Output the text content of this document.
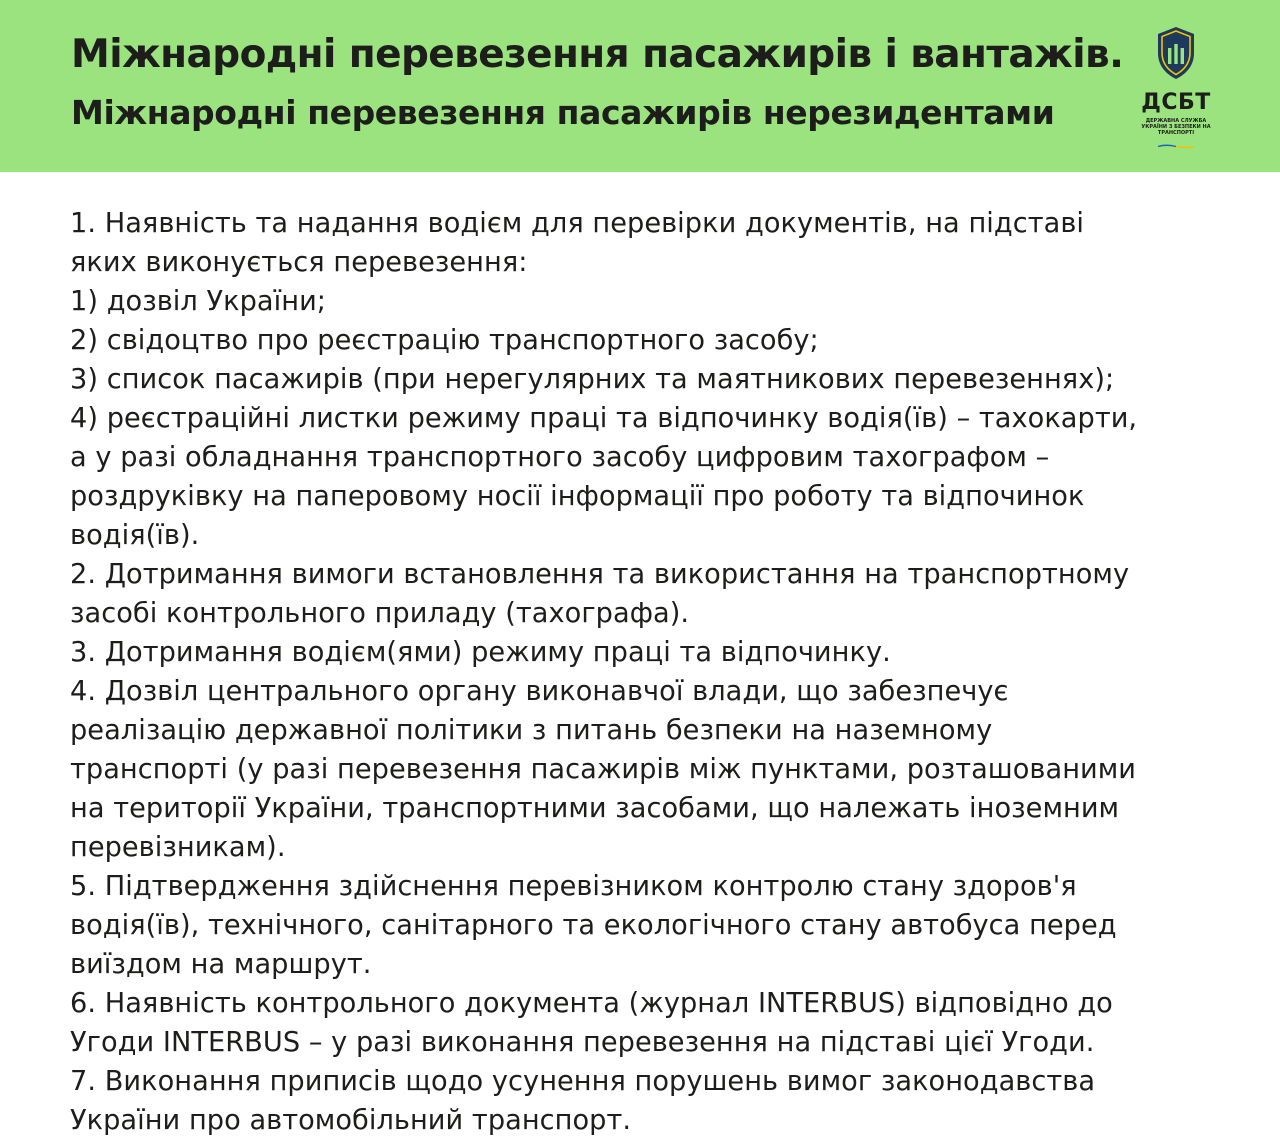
Міжнародні перевезення пасажирів і вантажів.
Міжнародні перевезення пасажирів нерезидентами	ДСБТ
ДЕРЖАВНА СЛУЖБА УКРАЇНИ З БЕЗПЕКИ НА ТРАНСПОРТІ
1. Наявність та надання водієм для перевірки документів, на підставі
яких виконується перевезення:
1) дозвіл України;
2) свідоцтво про реєстрацію транспортного засобу;
3) список пасажирів (при нерегулярних та маятникових перевезеннях);
4) реєстраційні листки режиму праці та відпочинку водія(їв) – тахокарти,
а у разі обладнання транспортного засобу цифровим тахографом –
роздруківку на паперовому носії інформації про роботу та відпочинок
водія(їв).
2. Дотримання вимоги встановлення та використання на транспортному
засобі контрольного приладу (тахографа).
3. Дотримання водієм(ями) режиму праці та відпочинку.
4. Дозвіл центрального органу виконавчої влади, що забезпечує
реалізацію державної політики з питань безпеки на наземному
транспорті (у разі перевезення пасажирів між пунктами, розташованими
на території України, транспортними засобами, що належать іноземним
перевізникам).
5. Підтвердження здійснення перевізником контролю стану здоров'я
водія(їв), технічного, санітарного та екологічного стану автобуса перед
виїздом на маршрут.
6. Наявність контрольного документа (журнал INTERBUS) відповідно до
Угоди INTERBUS – у разі виконання перевезення на підставі цієї Угоди.
7. Виконання приписів щодо усунення порушень вимог законодавства
України про автомобільний транспорт.
